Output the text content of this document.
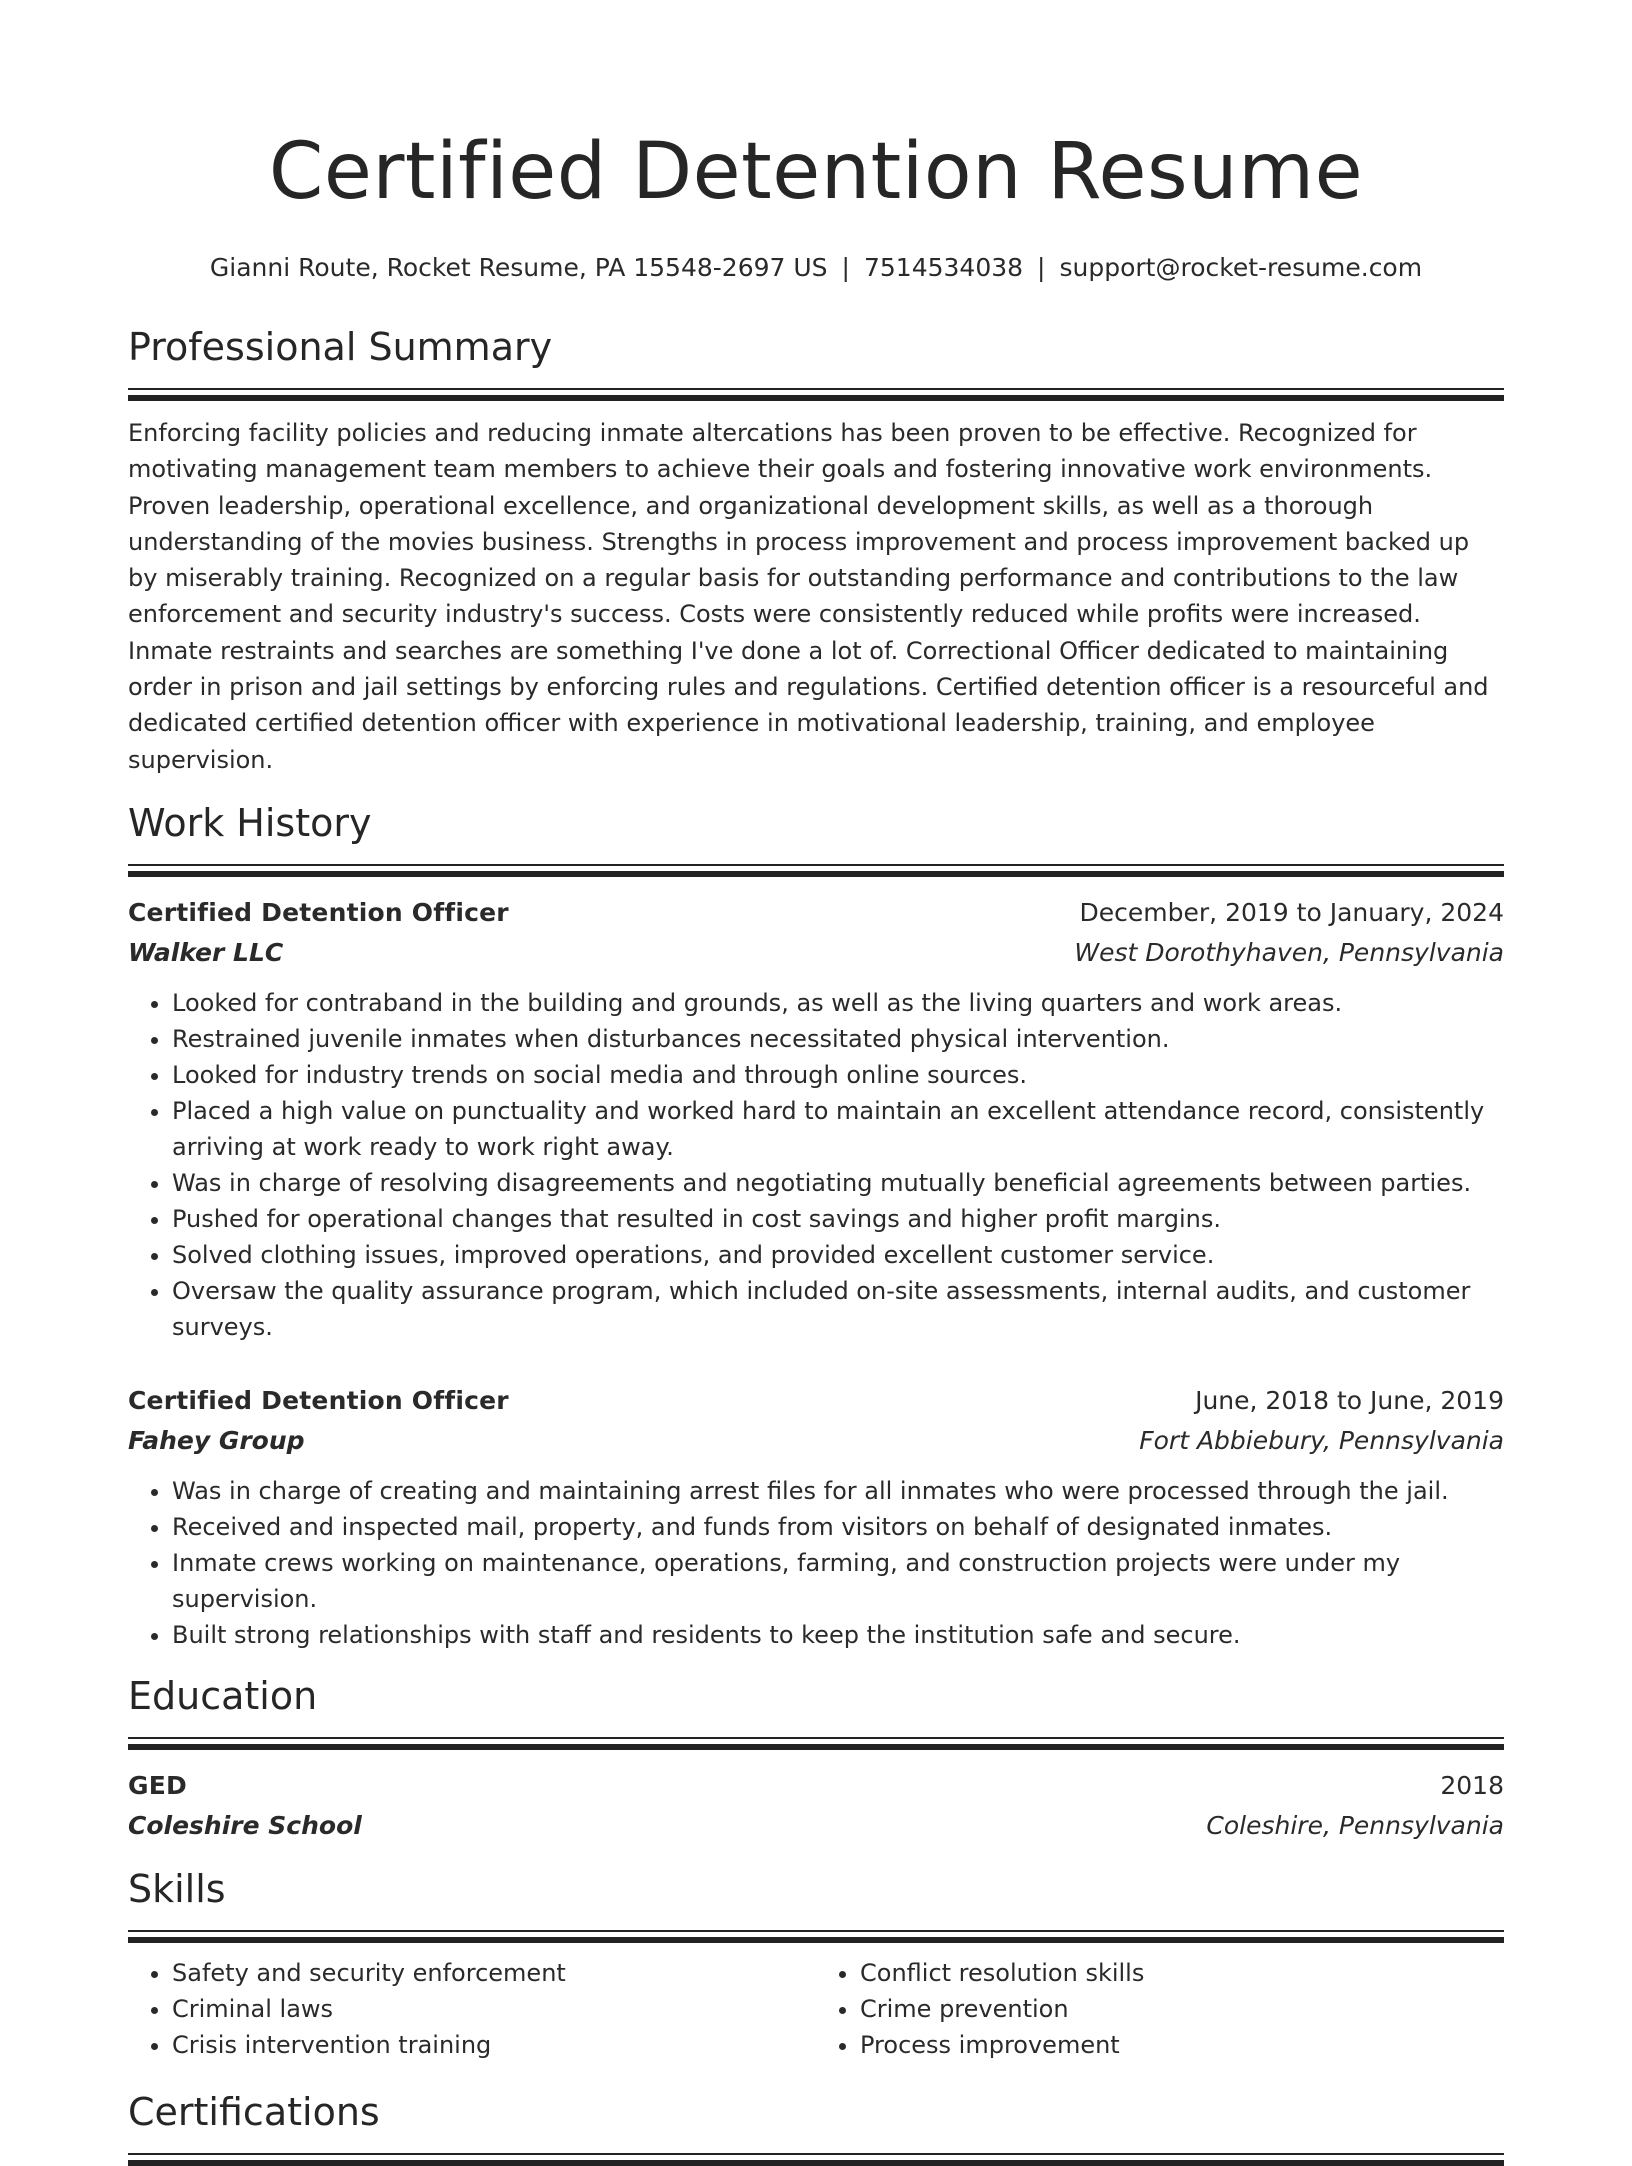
Certified Detention Resume
Gianni Route, Rocket Resume, PA 15548-2697 US | 7514534038 | support@rocket-resume.com
Professional Summary

Enforcing facility policies and reducing inmate altercations has been proven to be effective. Recognized for motivating management team members to achieve their goals and fostering innovative work environments. Proven leadership, operational excellence, and organizational development skills, as well as a thorough understanding of the movies business. Strengths in process improvement and process improvement backed up by miserably training. Recognized on a regular basis for outstanding performance and contributions to the law enforcement and security industry's success. Costs were consistently reduced while profits were increased. Inmate restraints and searches are something I've done a lot of. Correctional Officer dedicated to maintaining order in prison and jail settings by enforcing rules and regulations. Certified detention officer is a resourceful and dedicated certified detention officer with experience in motivational leadership, training, and employee supervision.

Work History
Certified Detention Officer	December, 2019 to January, 2024
Walker LLC	West Dorothyhaven, Pennsylvania
• Looked for contraband in the building and grounds, as well as the living quarters and work areas.
• Restrained juvenile inmates when disturbances necessitated physical intervention.
• Looked for industry trends on social media and through online sources.
• Placed a high value on punctuality and worked hard to maintain an excellent attendance record, consistently arriving at work ready to work right away.
• Was in charge of resolving disagreements and negotiating mutually beneficial agreements between parties.
• Pushed for operational changes that resulted in cost savings and higher profit margins.
• Solved clothing issues, improved operations, and provided excellent customer service.
• Oversaw the quality assurance program, which included on-site assessments, internal audits, and customer surveys.
Certified Detention Officer	June, 2018 to June, 2019
Fahey Group	Fort Abbiebury, Pennsylvania
• Was in charge of creating and maintaining arrest files for all inmates who were processed through the jail.
• Received and inspected mail, property, and funds from visitors on behalf of designated inmates.
• Inmate crews working on maintenance, operations, farming, and construction projects were under my supervision.
• Built strong relationships with staff and residents to keep the institution safe and secure.
Education
GED	2018
Coleshire School	Coleshire, Pennsylvania
Skills
• Safety and security enforcement
• Criminal laws
• Crisis intervention training
• Conflict resolution skills
• Crime prevention
• Process improvement
Certifications
